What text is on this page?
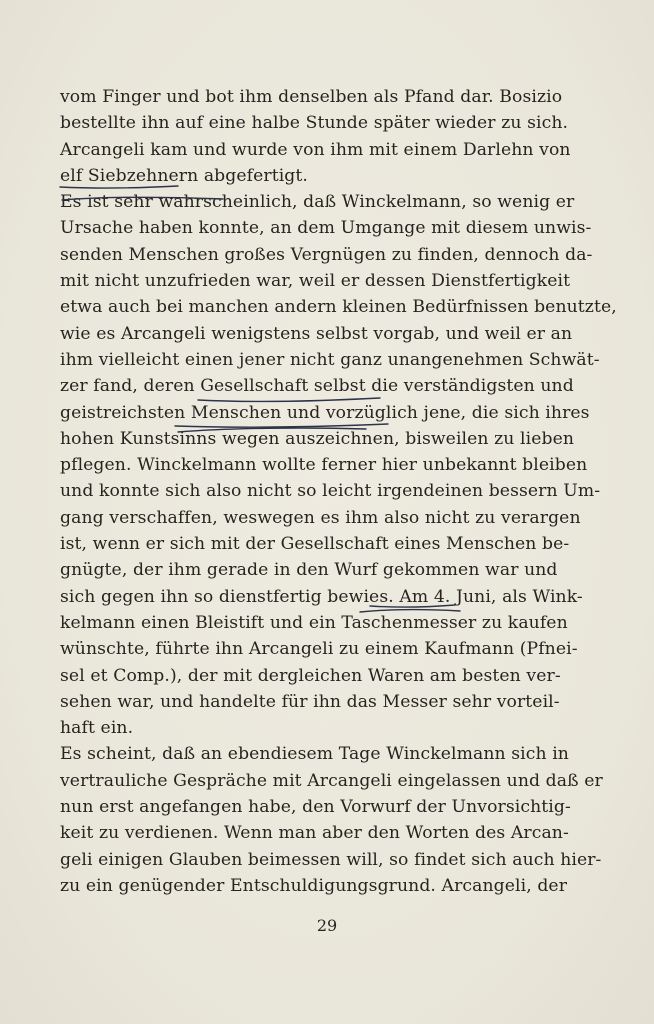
vom Finger und bot ihm denselben als Pfand dar. Bosizio
bestellte ihn auf eine halbe Stunde später wieder zu sich.
Arcangeli kam und wurde von ihm mit einem Darlehn von
elf Siebzehnern abgefertigt.
Es ist sehr wahrscheinlich, daß Winckelmann, so wenig er
Ursache haben konnte, an dem Umgange mit diesem unwis-
senden Menschen großes Vergnügen zu finden, dennoch da-
mit nicht unzufrieden war, weil er dessen Dienstfertigkeit
etwa auch bei manchen andern kleinen Bedürfnissen benutzte,
wie es Arcangeli wenigstens selbst vorgab, und weil er an
ihm vielleicht einen jener nicht ganz unangenehmen Schwät-
zer fand, deren Gesellschaft selbst die verständigsten und
geistreichsten Menschen und vorzüglich jene, die sich ihres
hohen Kunstsinns wegen auszeichnen, bisweilen zu lieben
pflegen. Winckelmann wollte ferner hier unbekannt bleiben
und konnte sich also nicht so leicht irgendeinen bessern Um-
gang verschaffen, weswegen es ihm also nicht zu verargen
ist, wenn er sich mit der Gesellschaft eines Menschen be-
gnügte, der ihm gerade in den Wurf gekommen war und
sich gegen ihn so dienstfertig bewies. Am 4. Juni, als Wink-
kelmann einen Bleistift und ein Taschenmesser zu kaufen
wünschte, führte ihn Arcangeli zu einem Kaufmann (Pfnei-
sel et Comp.), der mit dergleichen Waren am besten ver-
sehen war, und handelte für ihn das Messer sehr vorteil-
haft ein.
Es scheint, daß an ebendiesem Tage Winckelmann sich in
vertrauliche Gespräche mit Arcangeli eingelassen und daß er
nun erst angefangen habe, den Vorwurf der Unvorsichtig-
keit zu verdienen. Wenn man aber den Worten des Arcan-
geli einigen Glauben beimessen will, so findet sich auch hier-
zu ein genügender Entschuldigungsgrund. Arcangeli, der
29
